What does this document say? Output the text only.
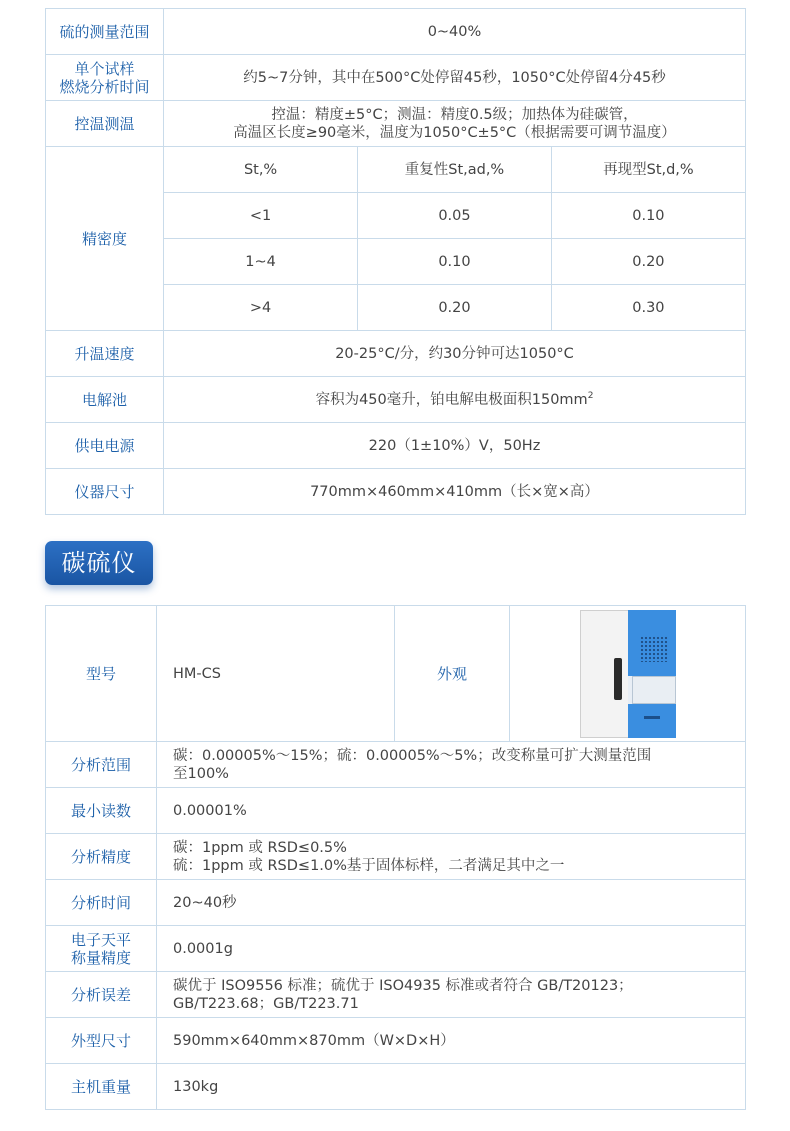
硫的测量范围	0~40%

单个试样
燃烧分析时间	约5~7分钟，其中在500°C处停留45秒，1050°C处停留4分45秒
控温测温	控温：精度±5°C；测温：精度0.5级；加热体为硅碳管，
高温区长度≥90毫米，温度为1050°C±5°C（根据需要可调节温度）

精密度	
St,%	重复性St,ad,%	再现型St,d,%
<1	0.05	0.10
1~4	0.10	0.20
>4	0.20	0.30

升温速度	20-25°C/分，约30分钟可达1050°C
电解池	容积为450毫升，铂电解电极面积$150mm^2$
供电电源	220（1±10%）V，50Hz
仪器尺寸	770mm×460mm×410mm（长×宽×高）
碳硫仪
型号	HM-CS	外观	

分析范围	碳：0.00005%～15%；硫：0.00005%～5%；改变称量可扩大测量范围
至100%		

最小读数	0.00001%		
分析精度	碳：1ppm 或 RSD≤0.5%
硫：1ppm 或 RSD≤1.0%基于固体标样，二者满足其中之一		

分析时间	20~40秒		

电子天平
称量精度	0.0001g		
分析误差	碳优于 ISO9556 标准；硫优于 ISO4935 标准或者符合 GB/T20123；
GB/T223.68；GB/T223.71		

外型尺寸	590mm×640mm×870mm（W×D×H）		
主机重量	130kg		
